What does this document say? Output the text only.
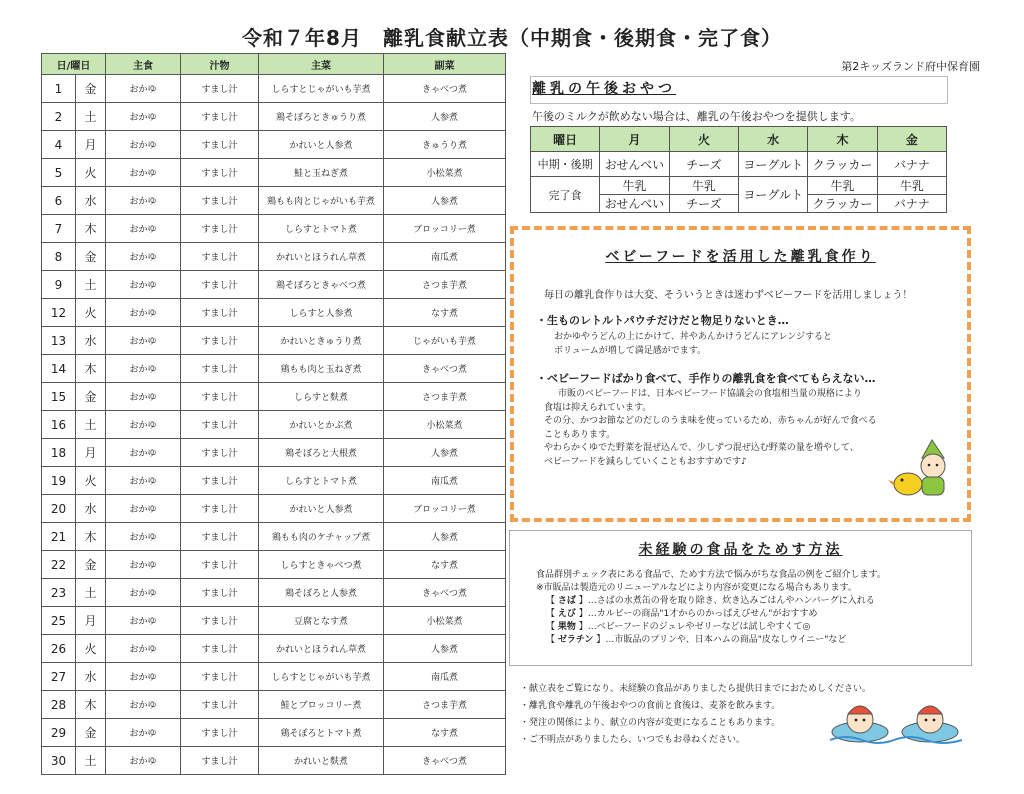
令和７年8月　離乳食献立表（中期食・後期食・完了食）
第2キッズランド府中保育園
日/曜日		主食	汁物	主菜	副菜
1	金	おかゆ	すまし汁	しらすとじゃがいも芋煮	きゃべつ煮
2	土	おかゆ	すまし汁	鶏そぼろときゅうり煮	人参煮
4	月	おかゆ	すまし汁	かれいと人参煮	きゅうり煮
5	火	おかゆ	すまし汁	鮭と玉ねぎ煮	小松菜煮
6	水	おかゆ	すまし汁	鶏もも肉とじゃがいも芋煮	人参煮
7	木	おかゆ	すまし汁	しらすとトマト煮	ブロッコリー煮
8	金	おかゆ	すまし汁	かれいとほうれん草煮	南瓜煮
9	土	おかゆ	すまし汁	鶏そぼろときゃべつ煮	さつま芋煮
12	火	おかゆ	すまし汁	しらすと人参煮	なす煮
13	水	おかゆ	すまし汁	かれいときゅうり煮	じゃがいも芋煮
14	木	おかゆ	すまし汁	鶏もも肉と玉ねぎ煮	きゃべつ煮
15	金	おかゆ	すまし汁	しらすと麩煮	さつま芋煮
16	土	おかゆ	すまし汁	かれいとかぶ煮	小松菜煮
18	月	おかゆ	すまし汁	鶏そぼろと大根煮	人参煮
19	火	おかゆ	すまし汁	しらすとトマト煮	南瓜煮
20	水	おかゆ	すまし汁	かれいと人参煮	ブロッコリー煮
21	木	おかゆ	すまし汁	鶏もも肉のケチャップ煮	人参煮
22	金	おかゆ	すまし汁	しらすときゃべつ煮	なす煮
23	土	おかゆ	すまし汁	鶏そぼろと人参煮	きゃべつ煮
25	月	おかゆ	すまし汁	豆腐となす煮	小松菜煮
26	火	おかゆ	すまし汁	かれいとほうれん草煮	人参煮
27	水	おかゆ	すまし汁	しらすとじゃがいも芋煮	南瓜煮
28	木	おかゆ	すまし汁	鮭とブロッコリー煮	さつま芋煮
29	金	おかゆ	すまし汁	鶏そぼろとトマト煮	なす煮
30	土	おかゆ	すまし汁	かれいと麩煮	きゃべつ煮
離乳の午後おやつ
午後のミルクが飲めない場合は、離乳の午後おやつを提供します。
曜日	月	火	水	木	金
中期・後期	おせんべい	チーズ	ヨーグルト	クラッカー	バナナ
完了食	牛乳	牛乳	ヨーグルト	牛乳	牛乳
	おせんべい	チーズ		クラッカー	バナナ
ベビーフードを活用した離乳食作り
毎日の離乳食作りは大変、そういうときは迷わずベビーフードを活用しましょう！
・生ものレトルトパウチだけだと物足りないとき…
おかゆやうどんの上にかけて、丼やあんかけうどんにアレンジすると
ボリュームが増して満足感がでます。
・ベビーフードばかり食べて、手作りの離乳食を食べてもらえない…
市販のベビーフードは、日本ベビーフード協議会の食塩相当量の規格により
食塩は抑えられています。
その分、かつお節などのだしのうま味を使っているため、赤ちゃんが好んで食べる
こともあります。
やわらかくゆでた野菜を混ぜ込んで、少しずつ混ぜ込む野菜の量を増やして、
ベビーフードを減らしていくこともおすすめです♪
未経験の食品をためす方法
食品群別チェック表にある食品で、ためす方法で悩みがちな食品の例をご紹介します。
※市販品は製造元のリニューアルなどにより内容が変更になる場合もあります。
【 さば 】…さばの水煮缶の骨を取り除き、炊き込みごはんやハンバーグに入れる
【 えび 】…カルビーの商品"1才からのかっぱえびせん"がおすすめ
【 果物 】…ベビーフードのジュレやゼリーなどは試しやすくて◎
【 ゼラチン 】…市販品のプリンや、日本ハムの商品"皮なしウイニー"など
・献立表をご覧になり、未経験の食品がありましたら提供日までにおためしください。
・離乳食や離乳の午後おやつの食前と食後は、麦茶を飲みます。
・発注の関係により、献立の内容が変更になることもあります。
・ご不明点がありましたら、いつでもお尋ねください。
